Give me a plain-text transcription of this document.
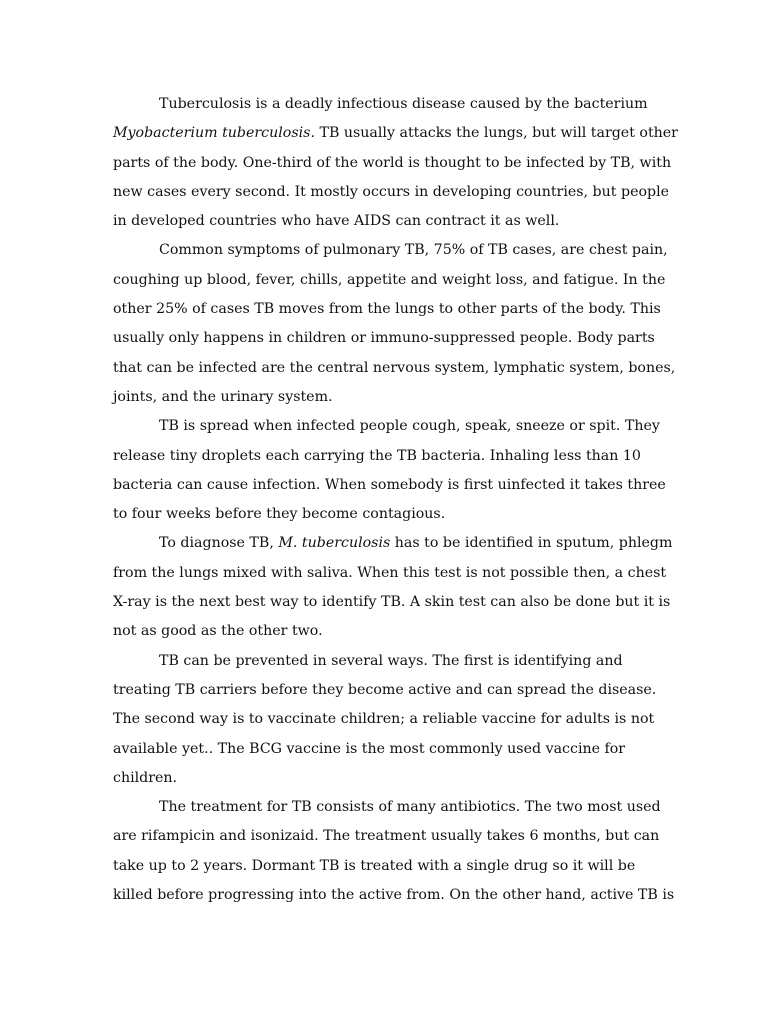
Tuberculosis is a deadly infectious disease caused by the bacterium
Myobacterium tuberculosis. TB usually attacks the lungs, but will target other
parts of the body. One-third of the world is thought to be infected by TB, with
new cases every second. It mostly occurs in developing countries, but people
in developed countries who have AIDS can contract it as well.
Common symptoms of pulmonary TB, 75% of TB cases, are chest pain,
coughing up blood, fever, chills, appetite and weight loss, and fatigue. In the
other 25% of cases TB moves from the lungs to other parts of the body. This
usually only happens in children or immuno-suppressed people. Body parts
that can be infected are the central nervous system, lymphatic system, bones,
joints, and the urinary system.
TB is spread when infected people cough, speak, sneeze or spit. They
release tiny droplets each carrying the TB bacteria. Inhaling less than 10
bacteria can cause infection. When somebody is first uinfected it takes three
to four weeks before they become contagious.
To diagnose TB, M. tuberculosis has to be identified in sputum, phlegm
from the lungs mixed with saliva. When this test is not possible then, a chest
X-ray is the next best way to identify TB. A skin test can also be done but it is
not as good as the other two.
TB can be prevented in several ways. The first is identifying and
treating TB carriers before they become active and can spread the disease.
The second way is to vaccinate children; a reliable vaccine for adults is not
available yet.. The BCG vaccine is the most commonly used vaccine for
children.
The treatment for TB consists of many antibiotics. The two most used
are rifampicin and isonizaid. The treatment usually takes 6 months, but can
take up to 2 years. Dormant TB is treated with a single drug so it will be
killed before progressing into the active from. On the other hand, active TB is
